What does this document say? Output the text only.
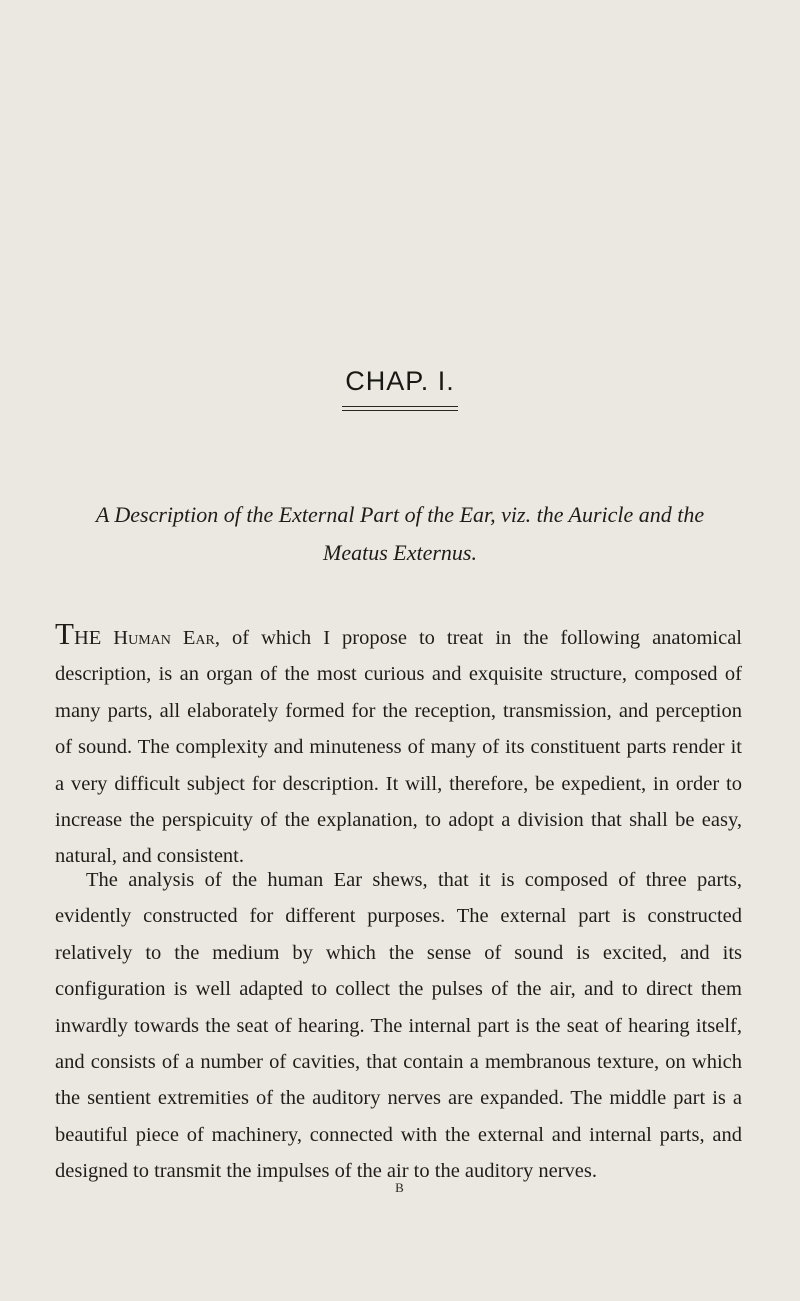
CHAP. I.
A Description of the External Part of the Ear, viz. the Auricle and the
Meatus Externus.

THE Human Ear, of which I propose to treat in the following anatomical description, is an organ of the most curious and exquisite structure, composed of many parts, all elaborately formed for the reception, transmission, and perception of sound. The complexity and minuteness of many of its constituent parts render it a very difficult subject for description. It will, therefore, be expedient, in order to increase the perspicuity of the explanation, to adopt a division that shall be easy, natural, and consistent.

The analysis of the human Ear shews, that it is composed of three parts, evidently constructed for different purposes. The external part is constructed relatively to the medium by which the sense of sound is excited, and its configuration is well adapted to collect the pulses of the air, and to direct them inwardly towards the seat of hearing. The internal part is the seat of hearing itself, and consists of a number of cavities, that contain a membranous texture, on which the sentient extremities of the auditory nerves are expanded. The middle part is a beautiful piece of machinery, connected with the external and internal parts, and designed to transmit the impulses of the air to the auditory nerves.

B
